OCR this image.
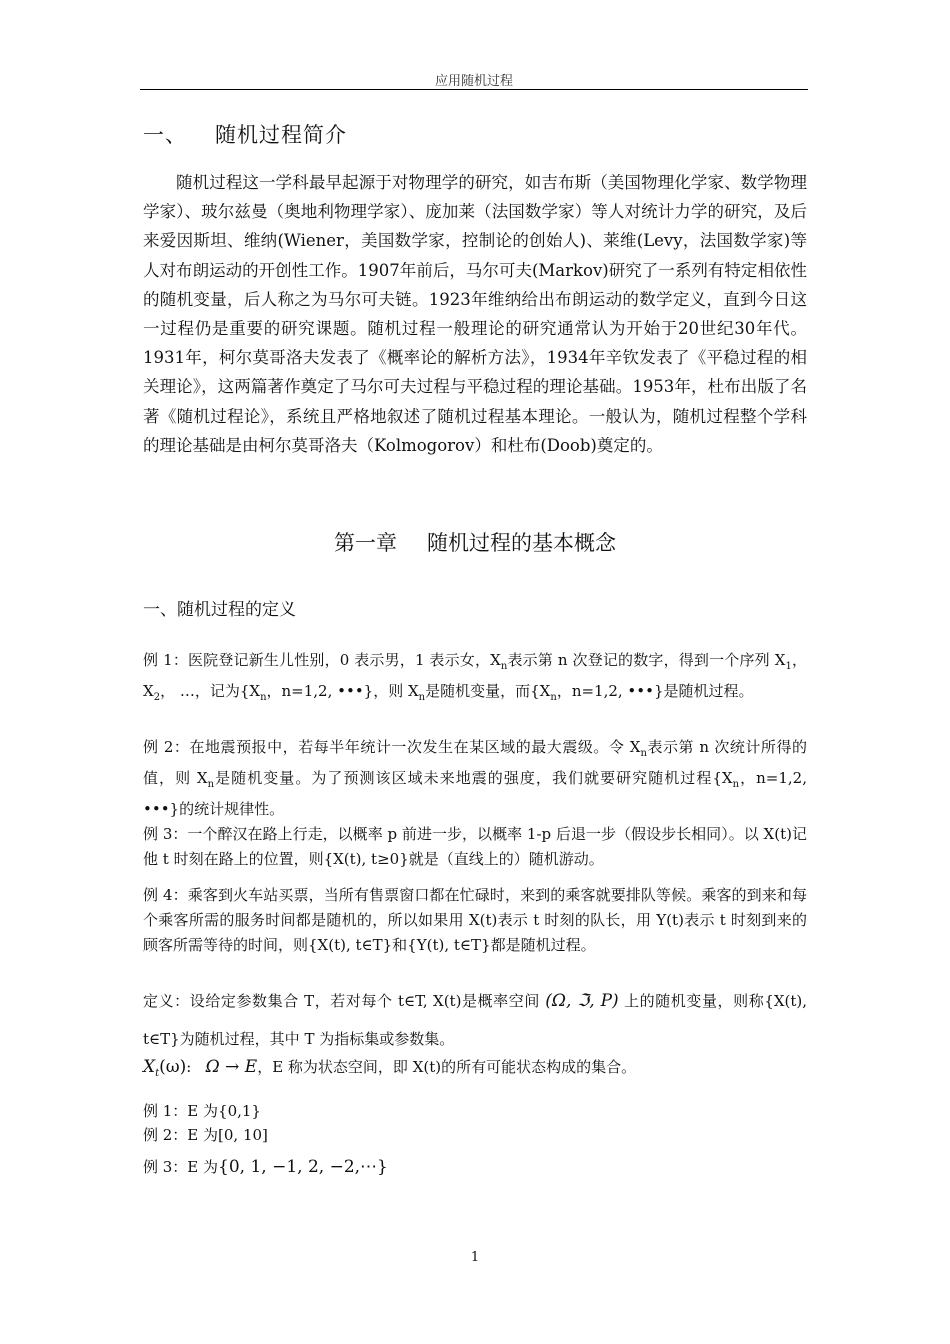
应用随机过程
一、 随机过程简介

随机过程这一学科最早起源于对物理学的研究，如吉布斯（美国物理化学家、数学物理学家）、玻尔兹曼（奥地利物理学家）、庞加莱（法国数学家）等人对统计力学的研究，及后来爱因斯坦、维纳(Wiener，美国数学家，控制论的创始人)、莱维(Levy，法国数学家)等人对布朗运动的开创性工作。1907年前后，马尔可夫(Markov)研究了一系列有特定相依性的随机变量，后人称之为马尔可夫链。1923年维纳给出布朗运动的数学定义，直到今日这一过程仍是重要的研究课题。随机过程一般理论的研究通常认为开始于20世纪30年代。1931年，柯尔莫哥洛夫发表了《概率论的解析方法》，1934年辛钦发表了《平稳过程的相关理论》，这两篇著作奠定了马尔可夫过程与平稳过程的理论基础。1953年，杜布出版了名著《随机过程论》，系统且严格地叙述了随机过程基本理论。一般认为，随机过程整个学科的理论基础是由柯尔莫哥洛夫（Kolmogorov）和杜布(Doob)奠定的。

第一章 随机过程的基本概念
一、随机过程的定义

例 1：医院登记新生儿性别，0 表示男，1 表示女，$X_n$表示第 n 次登记的数字，得到一个序列 $X_1$， $X_2$， …，记为{$X_n$，n=1,2, •••}，则 $X_n$是随机变量，而{$X_n$，n=1,2, •••}是随机过程。

例 2：在地震预报中，若每半年统计一次发生在某区域的最大震级。令 $X_n$表示第 n 次统计所得的值，则 $X_n$是随机变量。为了预测该区域未来地震的强度，我们就要研究随机过程{$X_n$，n=1,2, •••}的统计规律性。

例 3：一个醉汉在路上行走，以概率 p 前进一步，以概率 1-p 后退一步（假设步长相同）。以 X(t)记他 t 时刻在路上的位置，则{X(t), t≥0}就是（直线上的）随机游动。

例 4：乘客到火车站买票，当所有售票窗口都在忙碌时，来到的乘客就要排队等候。乘客的到来和每个乘客所需的服务时间都是随机的，所以如果用 X(t)表示 t 时刻的队长，用 Y(t)表示 t 时刻到来的顾客所需等待的时间，则{X(t), t∈T}和{Y(t), t∈T}都是随机过程。

定义：设给定参数集合 T，若对每个 t∈T, X(t)是概率空间 (Ω, ℑ, P) 上的随机变量，则称{X(t), t∈T}为随机过程，其中 T 为指标集或参数集。

$X_t(\omega)$: Ω → E，E 称为状态空间，即 X(t)的所有可能状态构成的集合。
例 1：E 为{0,1}
例 2：E 为[0, 10]
例 3：E 为{0, 1, −1, 2, −2,⋯}
1
